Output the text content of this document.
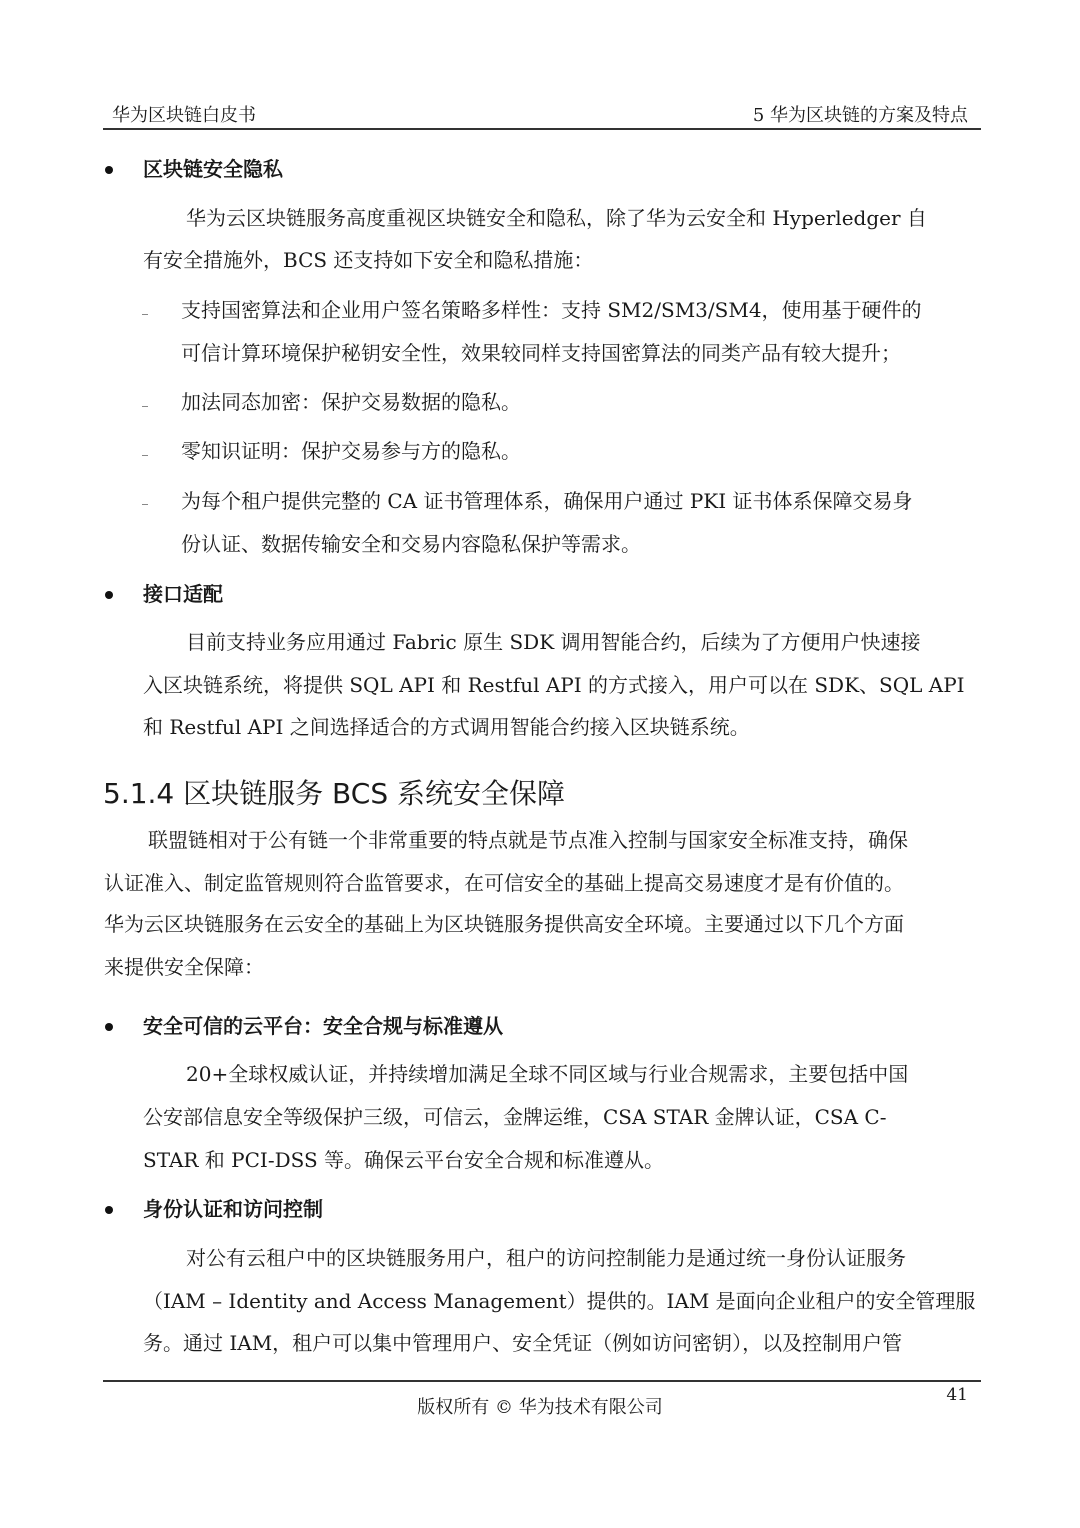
华为区块链白皮书	5 华为区块链的方案及特点
区块链安全隐私
华为云区块链服务高度重视区块链安全和隐私，除了华为云安全和 Hyperledger 自
有安全措施外，BCS 还支持如下安全和隐私措施：
支持国密算法和企业用户签名策略多样性：支持 SM2/SM3/SM4，使用基于硬件的
可信计算环境保护秘钥安全性，效果较同样支持国密算法的同类产品有较大提升；
加法同态加密：保护交易数据的隐私。
零知识证明：保护交易参与方的隐私。
为每个租户提供完整的 CA 证书管理体系，确保用户通过 PKI 证书体系保障交易身
份认证、数据传输安全和交易内容隐私保护等需求。
接口适配
目前支持业务应用通过 Fabric 原生 SDK 调用智能合约，后续为了方便用户快速接
入区块链系统，将提供 SQL API 和 Restful API 的方式接入，用户可以在 SDK、SQL API
和 Restful API 之间选择适合的方式调用智能合约接入区块链系统。
5.1.4 区块链服务 BCS 系统安全保障
联盟链相对于公有链一个非常重要的特点就是节点准入控制与国家安全标准支持，确保
认证准入、制定监管规则符合监管要求，在可信安全的基础上提高交易速度才是有价值的。
华为云区块链服务在云安全的基础上为区块链服务提供高安全环境。主要通过以下几个方面
来提供安全保障：
安全可信的云平台：安全合规与标准遵从
20+全球权威认证，并持续增加满足全球不同区域与行业合规需求，主要包括中国
公安部信息安全等级保护三级，可信云，金牌运维，CSA STAR 金牌认证，CSA C-
STAR 和 PCI-DSS 等。确保云平台安全合规和标准遵从。
身份认证和访问控制
对公有云租户中的区块链服务用户，租户的访问控制能力是通过统一身份认证服务
（IAM – Identity and Access Management）提供的。IAM 是面向企业租户的安全管理服
务。通过 IAM，租户可以集中管理用户、安全凭证（例如访问密钥），以及控制用户管
41
版权所有 © 华为技术有限公司
